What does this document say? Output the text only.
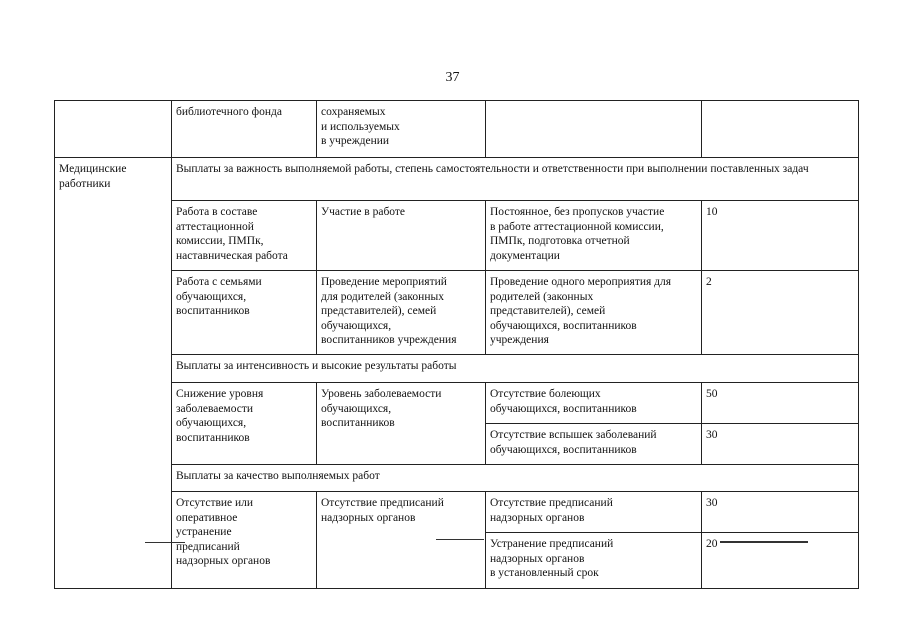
37
	библиотечного фонда	сохраняемых
и используемых
в учреждении		
Медицинские
работники	Выплаты за важность выполняемой работы, степень самостоятельности и ответственности при выполнении поставленных задач			
	Работа в составе
аттестационной
комиссии, ПМПк,
наставническая работа	Участие в работе	Постоянное, без пропусков участие
в работе аттестационной комиссии,
ПМПк, подготовка отчетной
документации	10
	Работа с семьями
обучающихся,
воспитанников	Проведение мероприятий
для родителей (законных
представителей), семей
обучающихся,
воспитанников учреждения	Проведение одного мероприятия для
родителей (законных
представителей), семей
обучающихся, воспитанников
учреждения	2
	Выплаты за интенсивность и высокие результаты работы			
	Снижение уровня
заболеваемости
обучающихся,
воспитанников	Уровень заболеваемости
обучающихся,
воспитанников	Отсутствие болеющих
обучающихся, воспитанников	50
			Отсутствие вспышек заболеваний
обучающихся, воспитанников	30
	Выплаты за качество выполняемых работ			
	Отсутствие или
оперативное
устранение
предписаний
надзорных органов	Отсутствие предписаний
надзорных органов	Отсутствие предписаний
надзорных органов	30
			Устранение предписаний
надзорных органов
в установленный срок	20
